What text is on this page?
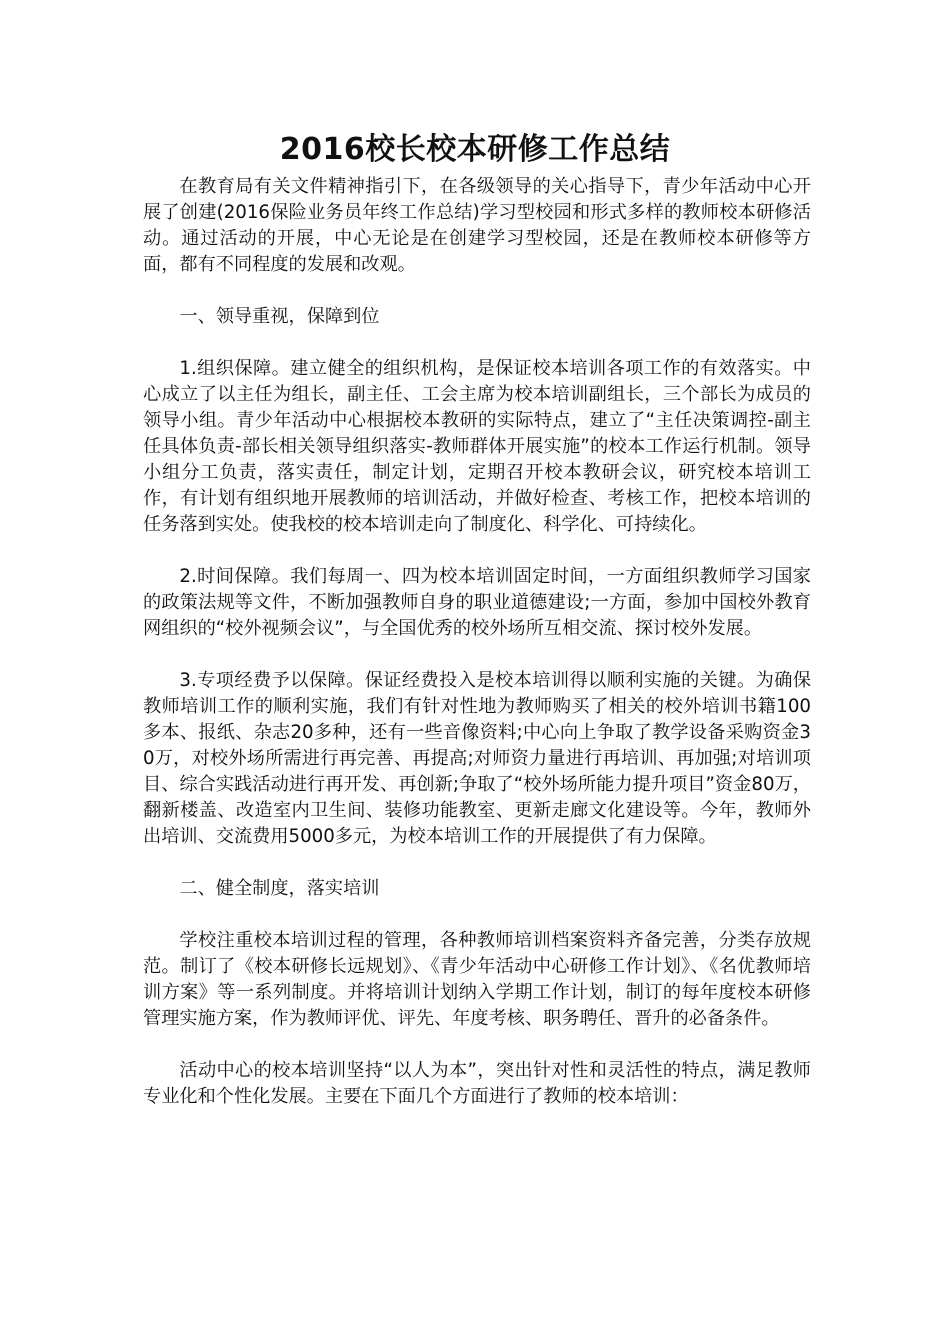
2016校长校本研修工作总结

在教育局有关文件精神指引下，在各级领导的关心指导下，青少年活动中心开展了创建(2016保险业务员年终工作总结)学习型校园和形式多样的教师校本研修活动。通过活动的开展，中心无论是在创建学习型校园，还是在教师校本研修等方面，都有不同程度的发展和改观。

一、领导重视，保障到位

1.组织保障。建立健全的组织机构，是保证校本培训各项工作的有效落实。中心成立了以主任为组长，副主任、工会主席为校本培训副组长，三个部长为成员的领导小组。青少年活动中心根据校本教研的实际特点，建立了“主任决策调控-副主任具体负责-部长相关领导组织落实-教师群体开展实施”的校本工作运行机制。领导小组分工负责，落实责任，制定计划，定期召开校本教研会议，研究校本培训工作，有计划有组织地开展教师的培训活动，并做好检查、考核工作，把校本培训的任务落到实处。使我校的校本培训走向了制度化、科学化、可持续化。

2.时间保障。我们每周一、四为校本培训固定时间，一方面组织教师学习国家的政策法规等文件，不断加强教师自身的职业道德建设;一方面，参加中国校外教育网组织的“校外视频会议”，与全国优秀的校外场所互相交流、探讨校外发展。

3.专项经费予以保障。保证经费投入是校本培训得以顺利实施的关键。为确保教师培训工作的顺利实施，我们有针对性地为教师购买了相关的校外培训书籍100多本、报纸、杂志20多种，还有一些音像资料;中心向上争取了教学设备采购资金30万，对校外场所需进行再完善、再提高;对师资力量进行再培训、再加强;对培训项目、综合实践活动进行再开发、再创新;争取了“校外场所能力提升项目”资金80万，翻新楼盖、改造室内卫生间、装修功能教室、更新走廊文化建设等。今年，教师外出培训、交流费用5000多元，为校本培训工作的开展提供了有力保障。

二、健全制度，落实培训

学校注重校本培训过程的管理，各种教师培训档案资料齐备完善，分类存放规范。制订了《校本研修长远规划》、《青少年活动中心研修工作计划》、《名优教师培训方案》等一系列制度。并将培训计划纳入学期工作计划，制订的每年度校本研修管理实施方案，作为教师评优、评先、年度考核、职务聘任、晋升的必备条件。

活动中心的校本培训坚持“以人为本”，突出针对性和灵活性的特点，满足教师专业化和个性化发展。主要在下面几个方面进行了教师的校本培训：
